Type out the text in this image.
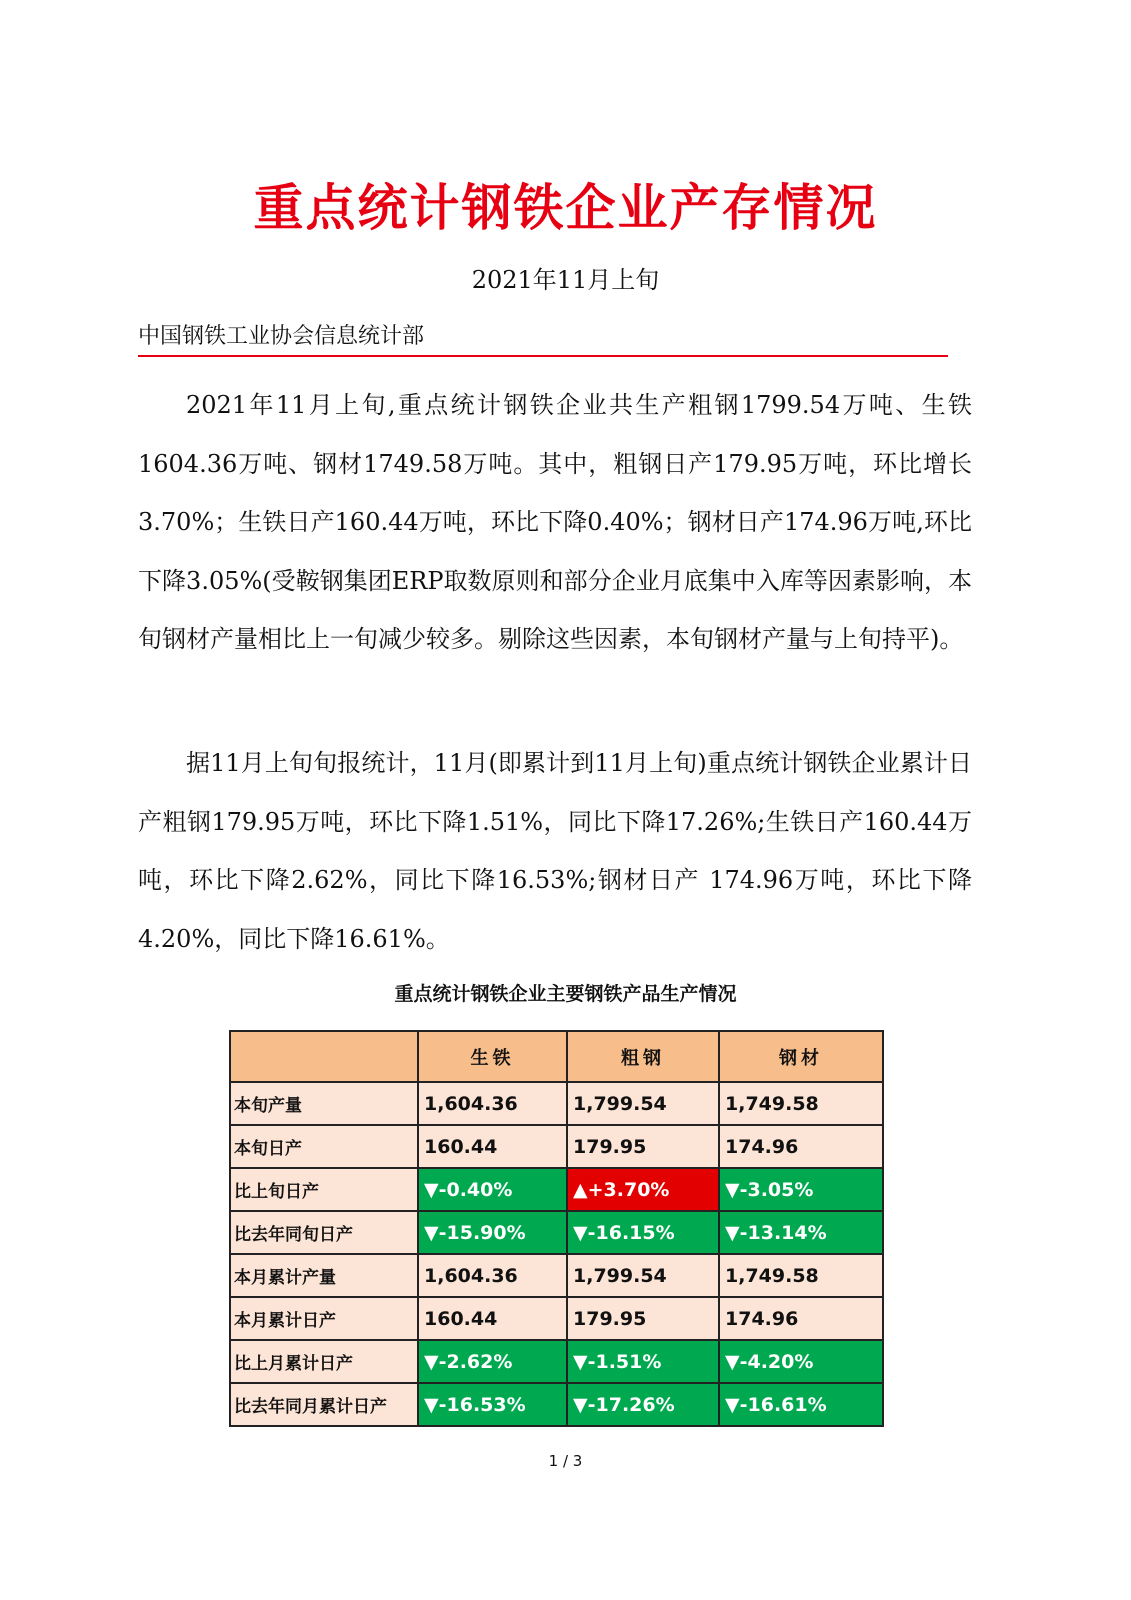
重点统计钢铁企业产存情况
2021年11月上旬
中国钢铁工业协会信息统计部

2021年11月上旬,重点统计钢铁企业共生产粗钢1799.54万吨、生铁1604.36万吨、钢材1749.58万吨。其中，粗钢日产179.95万吨，环比增长3.70%；生铁日产160.44万吨，环比下降0.40%；钢材日产174.96万吨,环比下降3.05%(受鞍钢集团ERP取数原则和部分企业月底集中入库等因素影响，本旬钢材产量相比上一旬减少较多。剔除这些因素，本旬钢材产量与上旬持平)。

据11月上旬旬报统计，11月(即累计到11月上旬)重点统计钢铁企业累计日产粗钢179.95万吨，环比下降1.51%，同比下降17.26%;生铁日产160.44万吨，环比下降2.62%，同比下降16.53%;钢材日产 174.96万吨，环比下降4.20%，同比下降16.61%。

重点统计钢铁企业主要钢铁产品生产情况
	生铁	粗钢	钢材
本旬产量	1,604.36	1,799.54	1,749.58
本旬日产	160.44	179.95	174.96
比上旬日产	▼-0.40%	▲+3.70%	▼-3.05%
比去年同旬日产	▼-15.90%	▼-16.15%	▼-13.14%
本月累计产量	1,604.36	1,799.54	1,749.58
本月累计日产	160.44	179.95	174.96
比上月累计日产	▼-2.62%	▼-1.51%	▼-4.20%
比去年同月累计日产	▼-16.53%	▼-17.26%	▼-16.61%
1 / 3
